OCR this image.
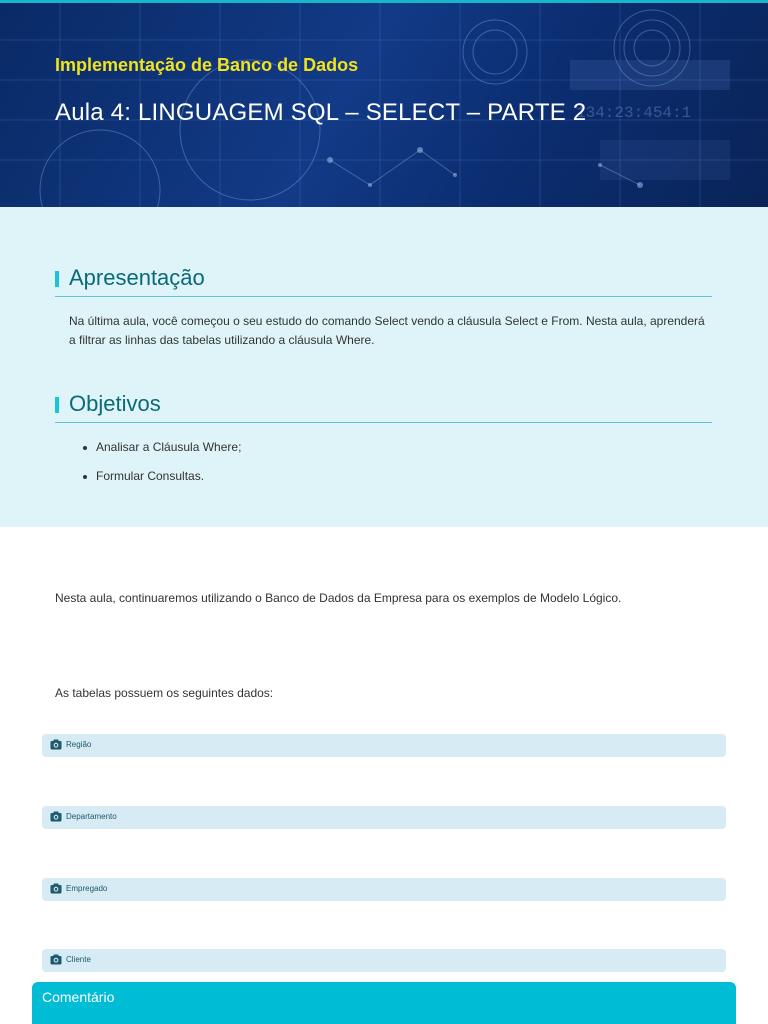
134:23:454:1
Implementação de Banco de Dados
Aula 4: LINGUAGEM SQL – SELECT – PARTE 2
Apresentação

Na última aula, você começou o seu estudo do comando Select vendo a cláusula Select e From. Nesta aula, aprenderá a filtrar as linhas das tabelas utilizando a cláusula Where.

Objetivos
Analisar a Cláusula Where;
Formular Consultas.
Nesta aula, continuaremos utilizando o Banco de Dados da Empresa para os exemplos de Modelo Lógico.
As tabelas possuem os seguintes dados:
Região
Departamento
Empregado
Cliente
Comentário
